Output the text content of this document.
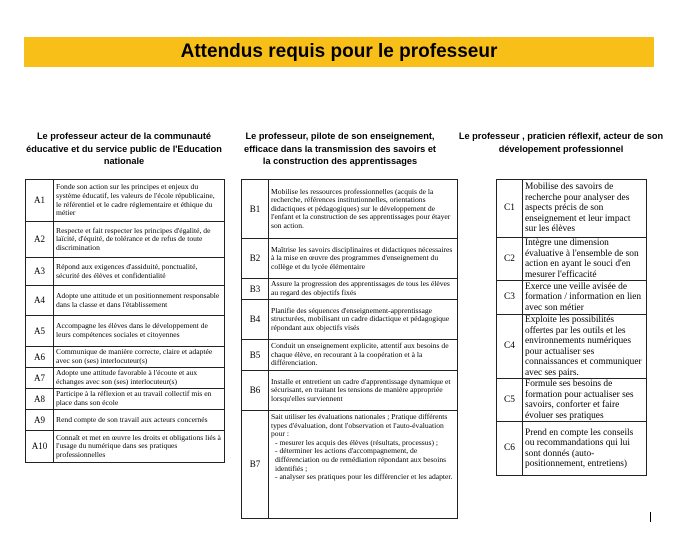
Attendus requis pour le professeur
Le professeur acteur de la communauté éducative et du service public de l'Education nationale
Le professeur, pilote de son enseignement, efficace dans la transmission des savoirs et la construction des apprentissages
Le professeur , praticien réflexif, acteur de son dévelopement professionnel
A1	Fonde son action sur les principes et enjeux du système éducatif, les valeurs de l'école républicaine, le référentiel et le cadre réglementaire et éthique du métier
A2	Respecte et fait respecter les principes d'égalité, de laïcité, d'équité, de tolérance et de refus de toute discrimination
A3	Répond aux exigences d'assiduité, ponctualité, sécurité des élèves et confidentialité
A4	Adopte une attitude et un positionnement responsable dans la classe et dans l'établissement
A5	Accompagne les élèves dans le développement de leurs compétences sociales et citoyennes
A6	Communique de manière correcte, claire et adaptée avec son (ses) interlocuteur(s)
A7	Adopte une attitude favorable à l'écoute et aux échanges avec son (ses) interlocuteur(s)
A8	Participe à la réflexion et au travail collectif mis en place dans son école
A9	Rend compte de son travail aux acteurs concernés
A10	Connaît et met en œuvre les droits et obligations liés à l'usage du numérique dans ses pratiques professionnelles
B1	Mobilise les ressources professionnelles (acquis de la recherche, références institutionnelles, orientations didactiques et pédagogiques) sur le développement de l'enfant et la construction de ses apprentissages pour étayer son action.
B2	Maîtrise les savoirs disciplinaires et didactiques nécessaires à la mise en œuvre des programmes d'enseignement du collège et du lycée élémentaire
B3	Assure la progression des apprentissages de tous les élèves au regard des objectifs fixés
B4	Planifie des séquences d'enseignement-apprentissage structurées, mobilisant un cadre didactique et pédagogique répondant aux objectifs visés
B5	Conduit un enseignement explicite, attentif aux besoins de chaque élève, en recourant à la coopération et à la différenciation.
B6	Installe et entretient un cadre d'apprentissage dynamique et sécurisant, en traitant les tensions de manière appropriée lorsqu'elles surviennent
B7	Sait utiliser les évaluations nationales ; Pratique différents types d'évaluation, dont l'observation et l'auto-évaluation pour :
- mesurer les acquis des élèves (résultats, processus) ;
- déterminer les actions d'accompagnement, de différenciation ou de remédiation répondant aux besoins identifiés ;
- analyser ses pratiques pour les différencier et les adapter.
C1	Mobilise des savoirs de recherche pour analyser des aspects précis de son enseignement et leur impact sur les élèves
C2	Intègre une dimension évaluative à l'ensemble de son action en ayant le souci d'en mesurer l'efficacité
C3	Exerce une veille avisée de formation / information en lien avec son métier
C4	Exploite les possibilités offertes par les outils et les environnements numériques pour actualiser ses connaissances et communiquer avec ses pairs.
C5	Formule ses besoins de formation pour actualiser ses savoirs, conforter et faire évoluer ses pratiques
C6	Prend en compte les conseils ou recommandations qui lui sont donnés (auto-positionnement, entretiens)
